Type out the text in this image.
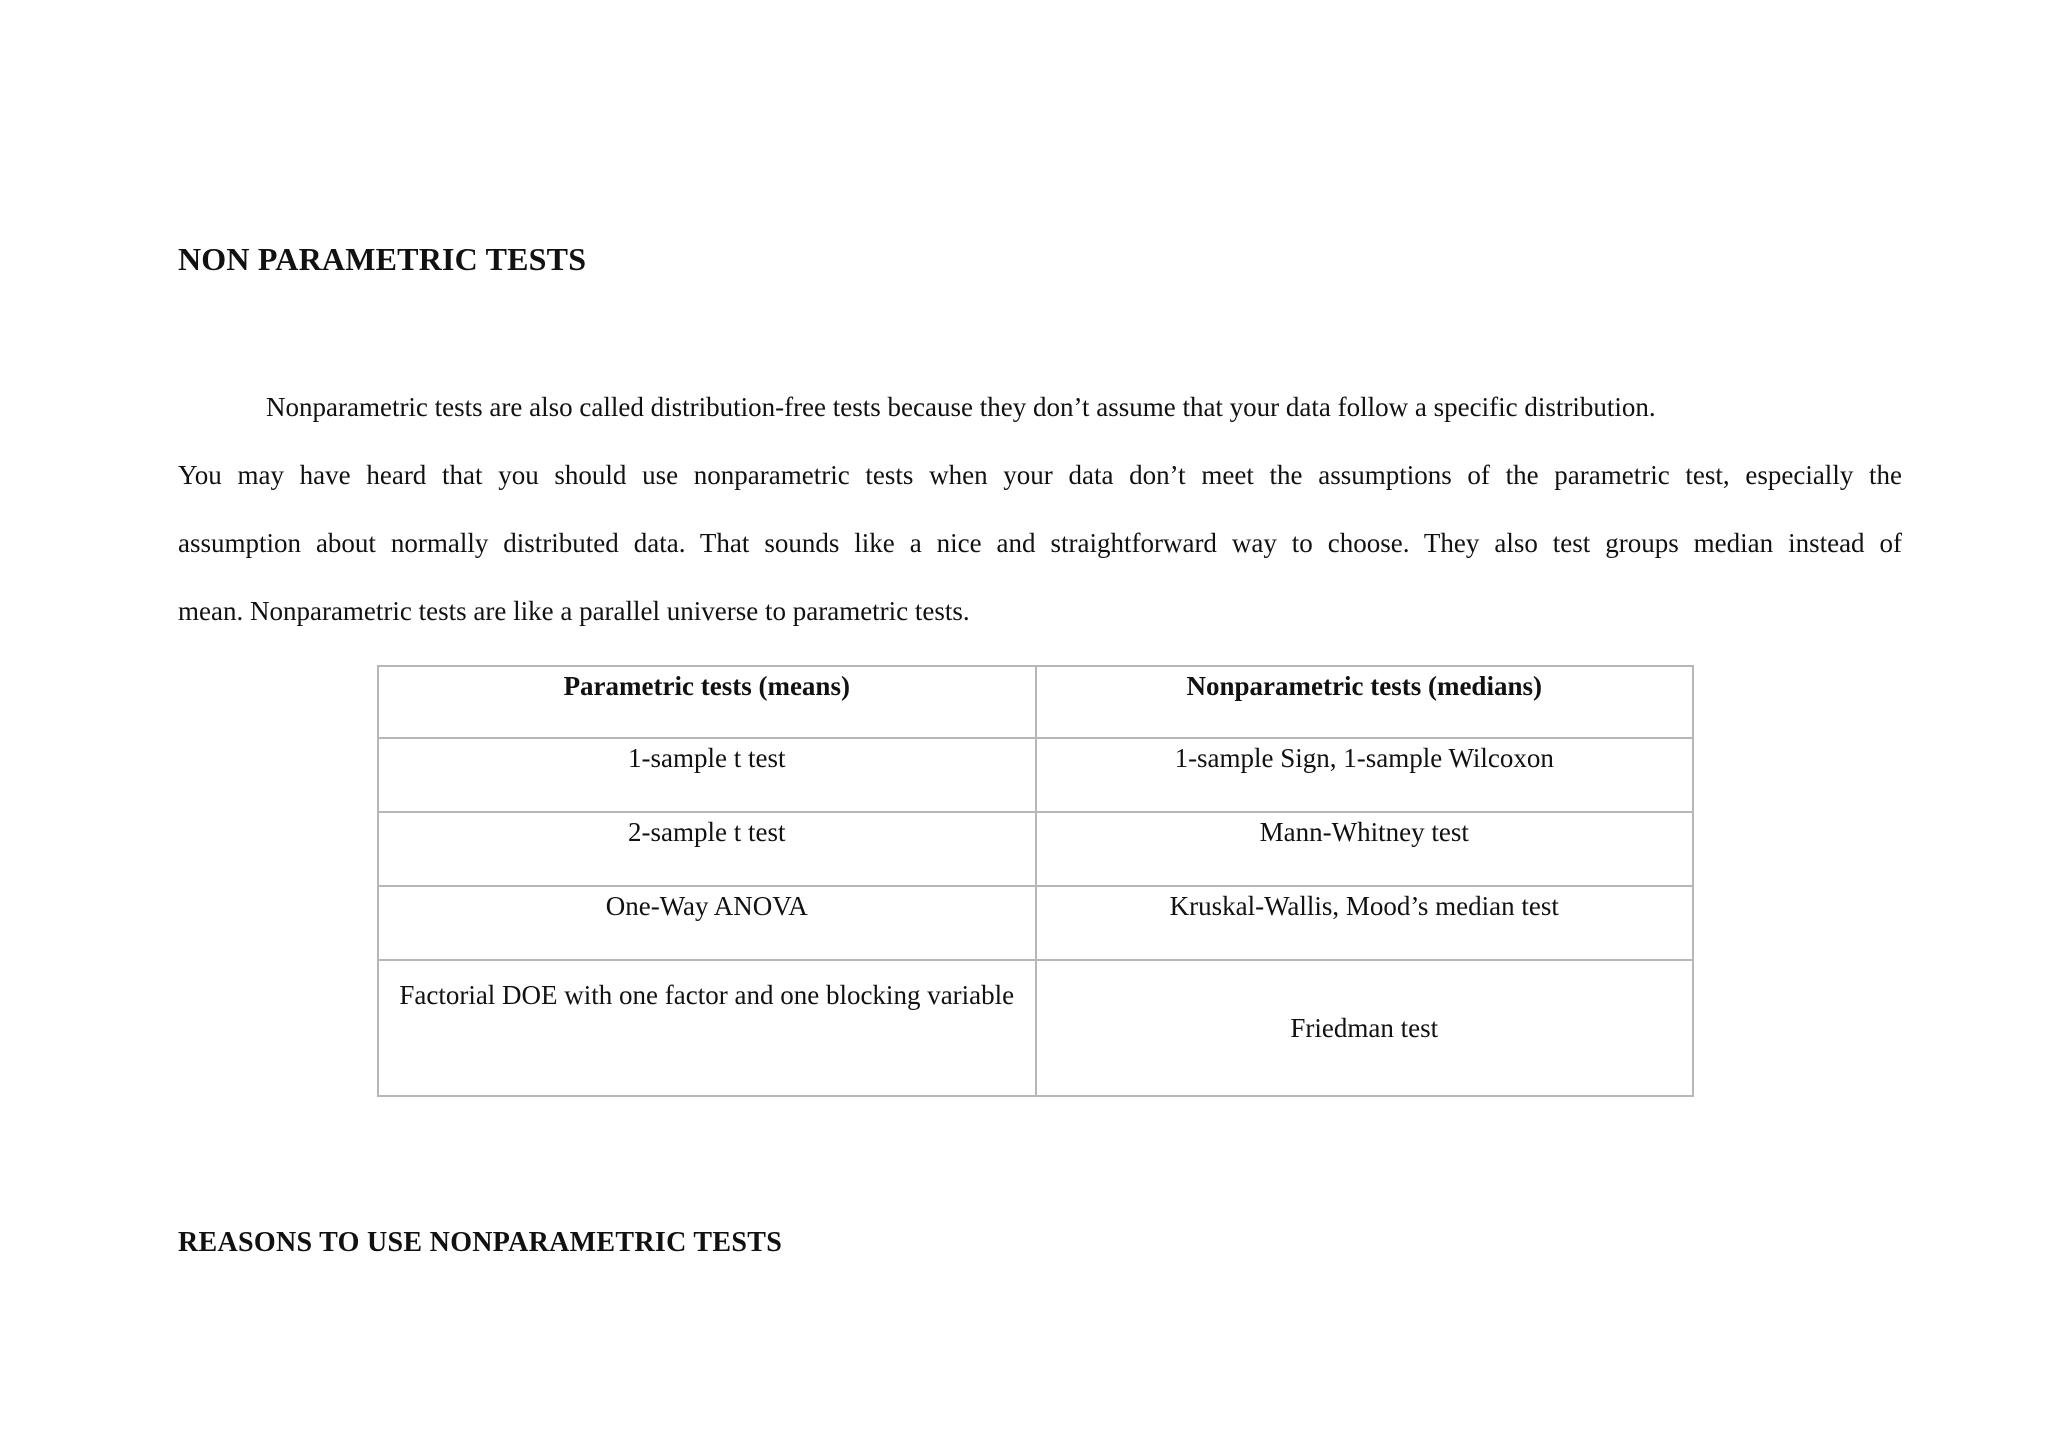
NON PARAMETRIC TESTS
Nonparametric tests are also called distribution-free tests because they don’t assume that your data follow a specific distribution.
You may have heard that you should use nonparametric tests when your data don’t meet the assumptions of the parametric test, especially the
assumption about normally distributed data. That sounds like a nice and straightforward way to choose. They also test groups median instead of
mean. Nonparametric tests are like a parallel universe to parametric tests.
Parametric tests (means)	Nonparametric tests (medians)
1-sample t test	1-sample Sign, 1-sample Wilcoxon
2-sample t test	Mann-Whitney test
One-Way ANOVA	Kruskal-Wallis, Mood’s median test
Factorial DOE with one factor and one blocking variable	Friedman test
REASONS TO USE NONPARAMETRIC TESTS
